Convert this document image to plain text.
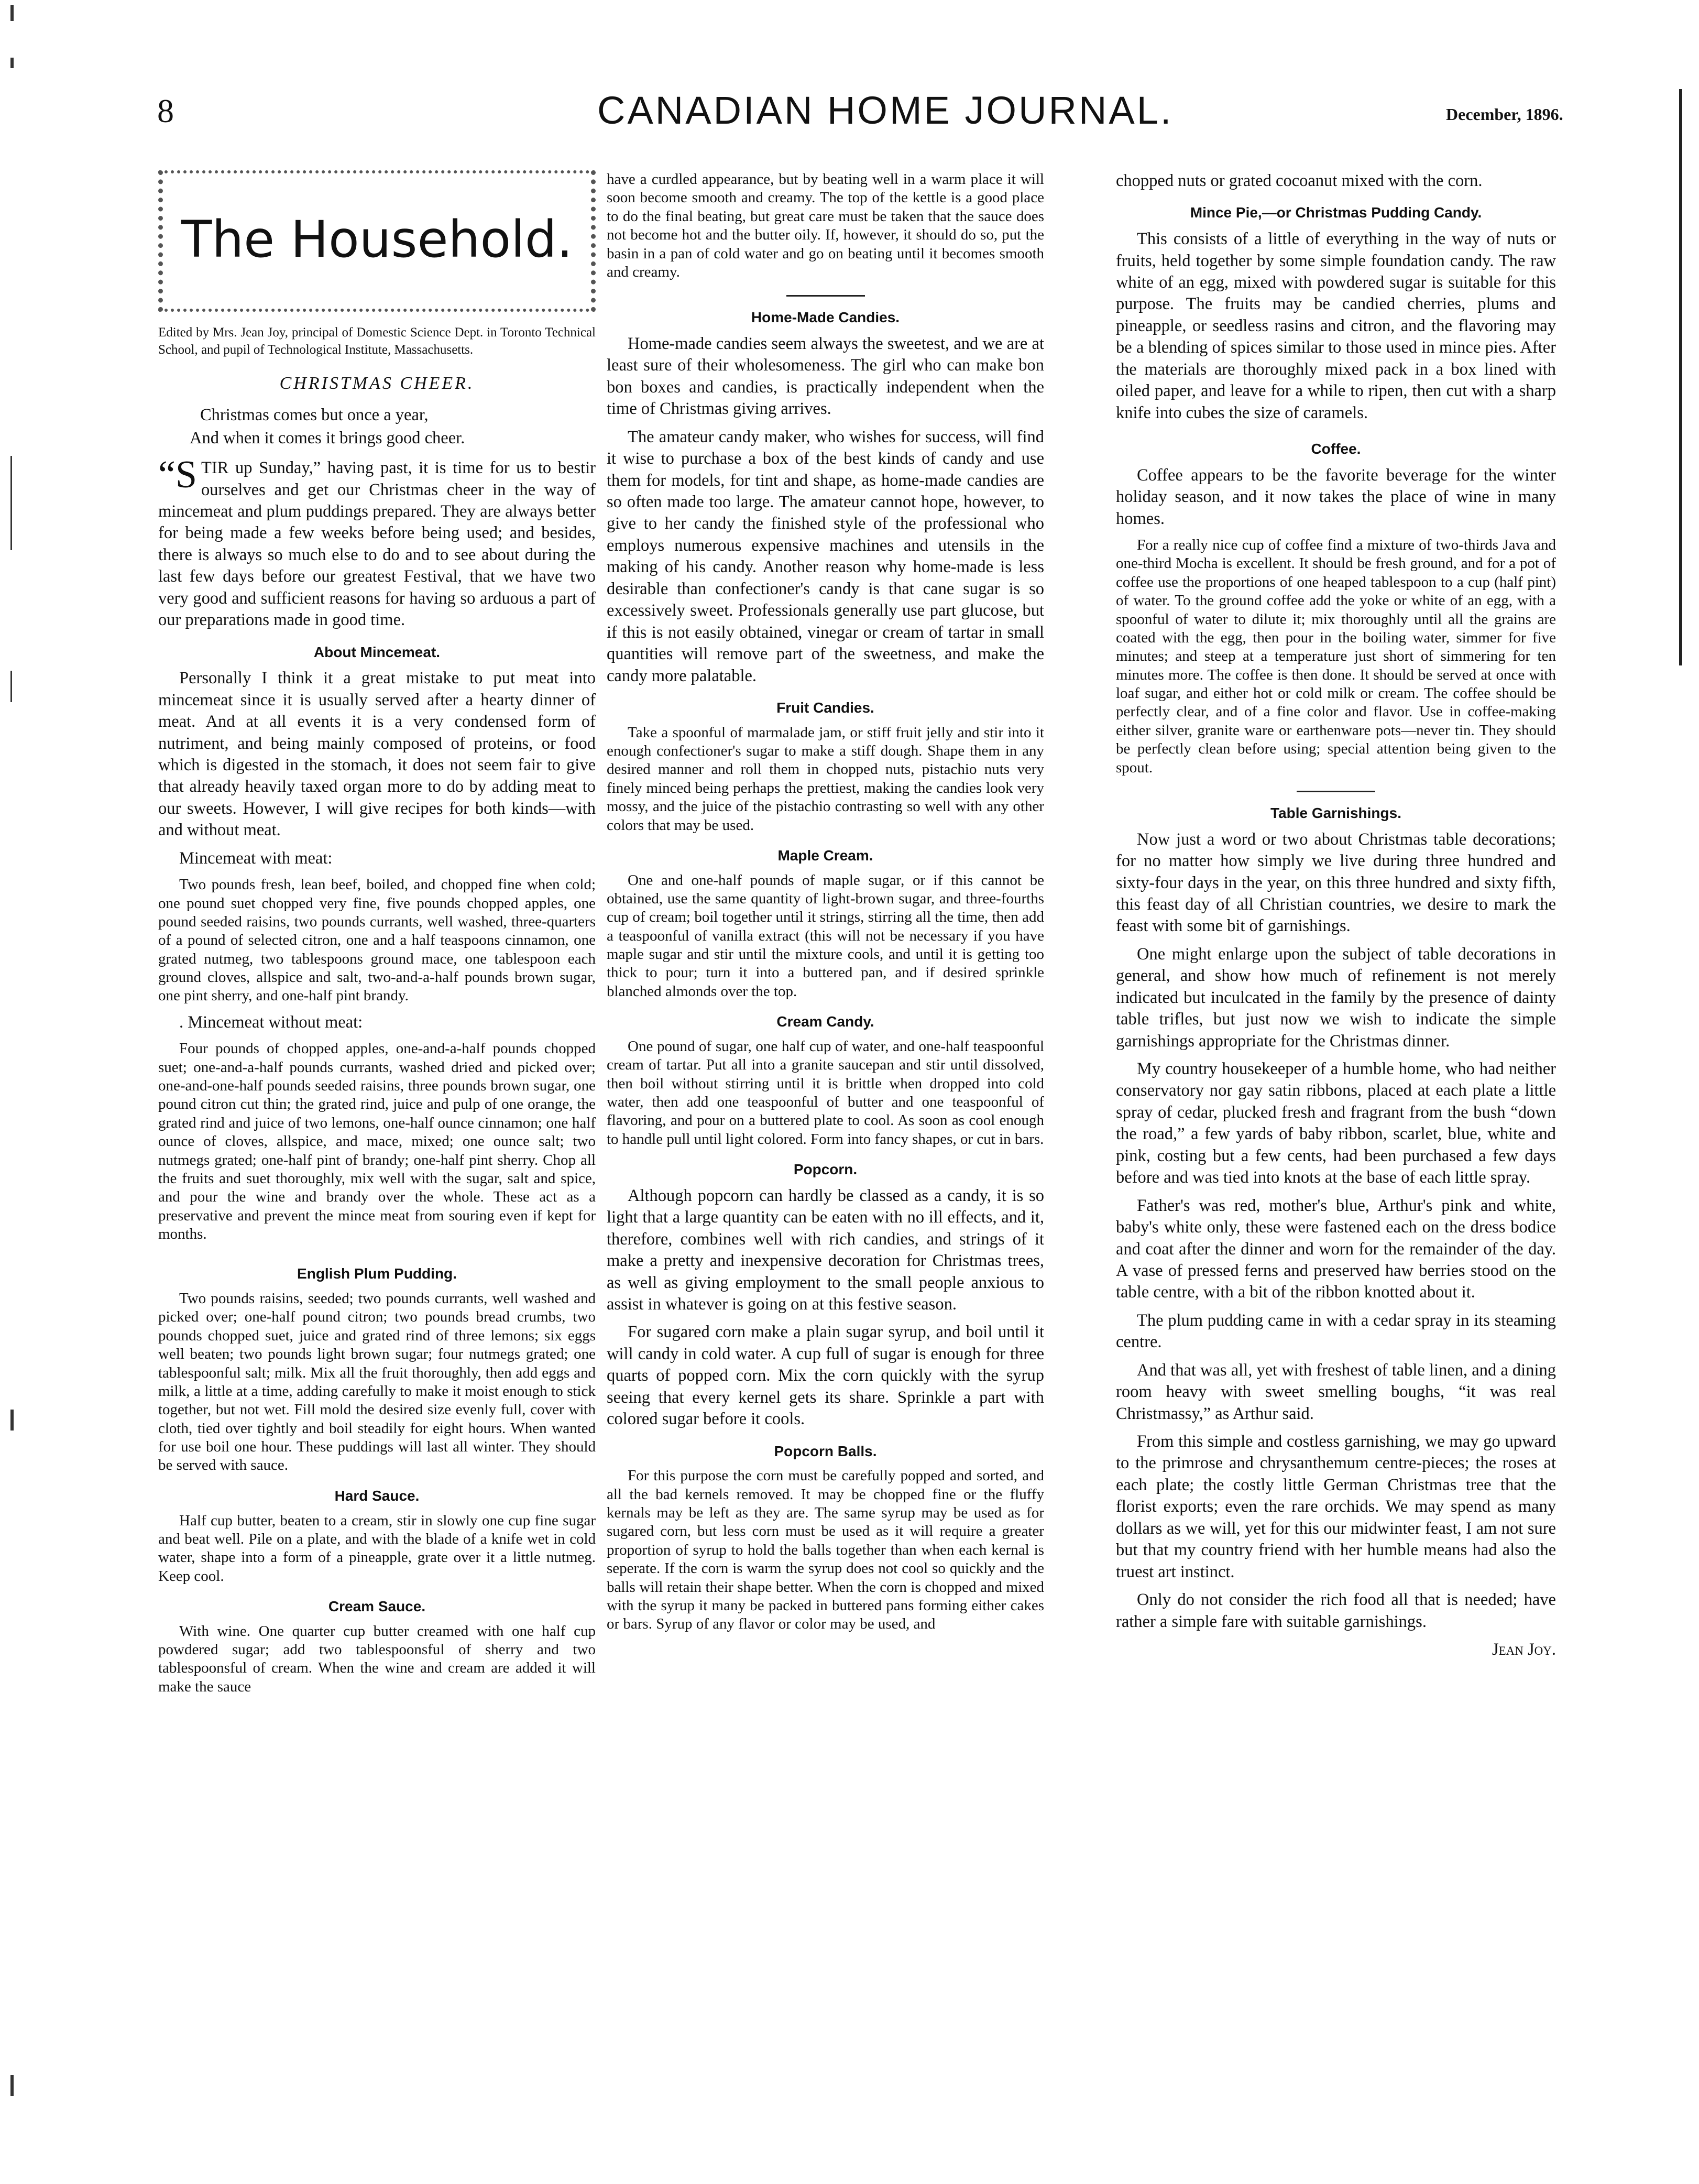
8	CANADIAN HOME JOURNAL.	December, 1896.
The Household.
Edited by Mrs. Jean Joy, principal of Domestic Science Dept. in Toronto Technical School, and pupil of Technological Institute, Massachusetts.
CHRISTMAS CHEER.
Christmas comes but once a year,
And when it comes it brings good cheer.

“STIR up Sunday,” having past, it is time for us to bestir ourselves and get our Christmas cheer in the way of mincemeat and plum puddings prepared. They are always better for being made a few weeks before being used; and besides, there is always so much else to do and to see about during the last few days before our greatest Festival, that we have two very good and sufficient reasons for having so arduous a part of our preparations made in good time.

About Mincemeat.

Personally I think it a great mistake to put meat into mincemeat since it is usually served after a hearty dinner of meat. And at all events it is a very condensed form of nutriment, and being mainly composed of proteins, or food which is digested in the stomach, it does not seem fair to give that already heavily taxed organ more to do by adding meat to our sweets. However, I will give recipes for both kinds—with and without meat.

Mincemeat with meat:

Two pounds fresh, lean beef, boiled, and chopped fine when cold; one pound suet chopped very fine, five pounds chopped apples, one pound seeded raisins, two pounds currants, well washed, three-quarters of a pound of selected citron, one and a half teaspoons cinnamon, one grated nutmeg, two tablespoons ground mace, one tablespoon each ground cloves, allspice and salt, two-and-a-half pounds brown sugar, one pint sherry, and one-half pint brandy.

. Mincemeat without meat:

Four pounds of chopped apples, one-and-a-half pounds chopped suet; one-and-a-half pounds currants, washed dried and picked over; one-and-one-half pounds seeded raisins, three pounds brown sugar, one pound citron cut thin; the grated rind, juice and pulp of one orange, the grated rind and juice of two lemons, one-half ounce cinnamon; one half ounce of cloves, allspice, and mace, mixed; one ounce salt; two nutmegs grated; one-half pint of brandy; one-half pint sherry. Chop all the fruits and suet thoroughly, mix well with the sugar, salt and spice, and pour the wine and brandy over the whole. These act as a preservative and prevent the mince meat from souring even if kept for months.

English Plum Pudding.

Two pounds raisins, seeded; two pounds currants, well washed and picked over; one-half pound citron; two pounds bread crumbs, two pounds chopped suet, juice and grated rind of three lemons; six eggs well beaten; two pounds light brown sugar; four nutmegs grated; one tablespoonful salt; milk. Mix all the fruit thoroughly, then add eggs and milk, a little at a time, adding carefully to make it moist enough to stick together, but not wet. Fill mold the desired size evenly full, cover with cloth, tied over tightly and boil steadily for eight hours. When wanted for use boil one hour. These puddings will last all winter. They should be served with sauce.

Hard Sauce.

Half cup butter, beaten to a cream, stir in slowly one cup fine sugar and beat well. Pile on a plate, and with the blade of a knife wet in cold water, shape into a form of a pineapple, grate over it a little nutmeg. Keep cool.

Cream Sauce.

With wine. One quarter cup butter creamed with one half cup powdered sugar; add two tablespoonsful of sherry and two tablespoonsful of cream. When the wine and cream are added it will make the sauce

have a curdled appearance, but by beating well in a warm place it will soon become smooth and creamy. The top of the kettle is a good place to do the final beating, but great care must be taken that the sauce does not become hot and the butter oily. If, however, it should do so, put the basin in a pan of cold water and go on beating until it becomes smooth and creamy.

Home-Made Candies.

Home-made candies seem always the sweetest, and we are at least sure of their wholesomeness. The girl who can make bon bon boxes and candies, is practically independent when the time of Christmas giving arrives.

The amateur candy maker, who wishes for success, will find it wise to purchase a box of the best kinds of candy and use them for models, for tint and shape, as home-made candies are so often made too large. The amateur cannot hope, however, to give to her candy the finished style of the professional who employs numerous expensive machines and utensils in the making of his candy. Another reason why home-made is less desirable than confectioner's candy is that cane sugar is so excessively sweet. Professionals generally use part glucose, but if this is not easily obtained, vinegar or cream of tartar in small quantities will remove part of the sweetness, and make the candy more palatable.

Fruit Candies.

Take a spoonful of marmalade jam, or stiff fruit jelly and stir into it enough confectioner's sugar to make a stiff dough. Shape them in any desired manner and roll them in chopped nuts, pistachio nuts very finely minced being perhaps the prettiest, making the candies look very mossy, and the juice of the pistachio contrasting so well with any other colors that may be used.

Maple Cream.

One and one-half pounds of maple sugar, or if this cannot be obtained, use the same quantity of light-brown sugar, and three-fourths cup of cream; boil together until it strings, stirring all the time, then add a teaspoonful of vanilla extract (this will not be necessary if you have maple sugar and stir until the mixture cools, and until it is getting too thick to pour; turn it into a buttered pan, and if desired sprinkle blanched almonds over the top.

Cream Candy.

One pound of sugar, one half cup of water, and one-half teaspoonful cream of tartar. Put all into a granite saucepan and stir until dissolved, then boil without stirring until it is brittle when dropped into cold water, then add one teaspoonful of butter and one teaspoonful of flavoring, and pour on a buttered plate to cool. As soon as cool enough to handle pull until light colored. Form into fancy shapes, or cut in bars.

Popcorn.

Although popcorn can hardly be classed as a candy, it is so light that a large quantity can be eaten with no ill effects, and it, therefore, combines well with rich candies, and strings of it make a pretty and inexpensive decoration for Christmas trees, as well as giving employment to the small people anxious to assist in whatever is going on at this festive season.

For sugared corn make a plain sugar syrup, and boil until it will candy in cold water. A cup full of sugar is enough for three quarts of popped corn. Mix the corn quickly with the syrup seeing that every kernel gets its share. Sprinkle a part with colored sugar before it cools.

Popcorn Balls.

For this purpose the corn must be carefully popped and sorted, and all the bad kernels removed. It may be chopped fine or the fluffy kernals may be left as they are. The same syrup may be used as for sugared corn, but less corn must be used as it will require a greater proportion of syrup to hold the balls together than when each kernal is seperate. If the corn is warm the syrup does not cool so quickly and the balls will retain their shape better. When the corn is chopped and mixed with the syrup it many be packed in buttered pans forming either cakes or bars. Syrup of any flavor or color may be used, and

chopped nuts or grated cocoanut mixed with the corn.

Mince Pie,—or Christmas Pudding Candy.

This consists of a little of everything in the way of nuts or fruits, held together by some simple foundation candy. The raw white of an egg, mixed with powdered sugar is suitable for this purpose. The fruits may be candied cherries, plums and pineapple, or seedless rasins and citron, and the flavoring may be a blending of spices similar to those used in mince pies. After the materials are thoroughly mixed pack in a box lined with oiled paper, and leave for a while to ripen, then cut with a sharp knife into cubes the size of caramels.

Coffee.

Coffee appears to be the favorite beverage for the winter holiday season, and it now takes the place of wine in many homes.

For a really nice cup of coffee find a mixture of two-thirds Java and one-third Mocha is excellent. It should be fresh ground, and for a pot of coffee use the proportions of one heaped tablespoon to a cup (half pint) of water. To the ground coffee add the yoke or white of an egg, with a spoonful of water to dilute it; mix thoroughly until all the grains are coated with the egg, then pour in the boiling water, simmer for five minutes; and steep at a temperature just short of simmering for ten minutes more. The coffee is then done. It should be served at once with loaf sugar, and either hot or cold milk or cream. The coffee should be perfectly clear, and of a fine color and flavor. Use in coffee-making either silver, granite ware or earthenware pots—never tin. They should be perfectly clean before using; special attention being given to the spout.

Table Garnishings.

Now just a word or two about Christmas table decorations; for no matter how simply we live during three hundred and sixty-four days in the year, on this three hundred and sixty fifth, this feast day of all Christian countries, we desire to mark the feast with some bit of garnishings.

One might enlarge upon the subject of table decorations in general, and show how much of refinement is not merely indicated but inculcated in the family by the presence of dainty table trifles, but just now we wish to indicate the simple garnishings appropriate for the Christmas dinner.

My country housekeeper of a humble home, who had neither conservatory nor gay satin ribbons, placed at each plate a little spray of cedar, plucked fresh and fragrant from the bush “down the road,” a few yards of baby ribbon, scarlet, blue, white and pink, costing but a few cents, had been purchased a few days before and was tied into knots at the base of each little spray.

Father's was red, mother's blue, Arthur's pink and white, baby's white only, these were fastened each on the dress bodice and coat after the dinner and worn for the remainder of the day. A vase of pressed ferns and preserved haw berries stood on the table centre, with a bit of the ribbon knotted about it.

The plum pudding came in with a cedar spray in its steaming centre.

And that was all, yet with freshest of table linen, and a dining room heavy with sweet smelling boughs, “it was real Christmassy,” as Arthur said.

From this simple and costless garnishing, we may go upward to the primrose and chrysanthemum centre-pieces; the roses at each plate; the costly little German Christmas tree that the florist exports; even the rare orchids. We may spend as many dollars as we will, yet for this our midwinter feast, I am not sure but that my country friend with her humble means had also the truest art instinct.

Only do not consider the rich food all that is needed; have rather a simple fare with suitable garnishings.

Jean Joy.
